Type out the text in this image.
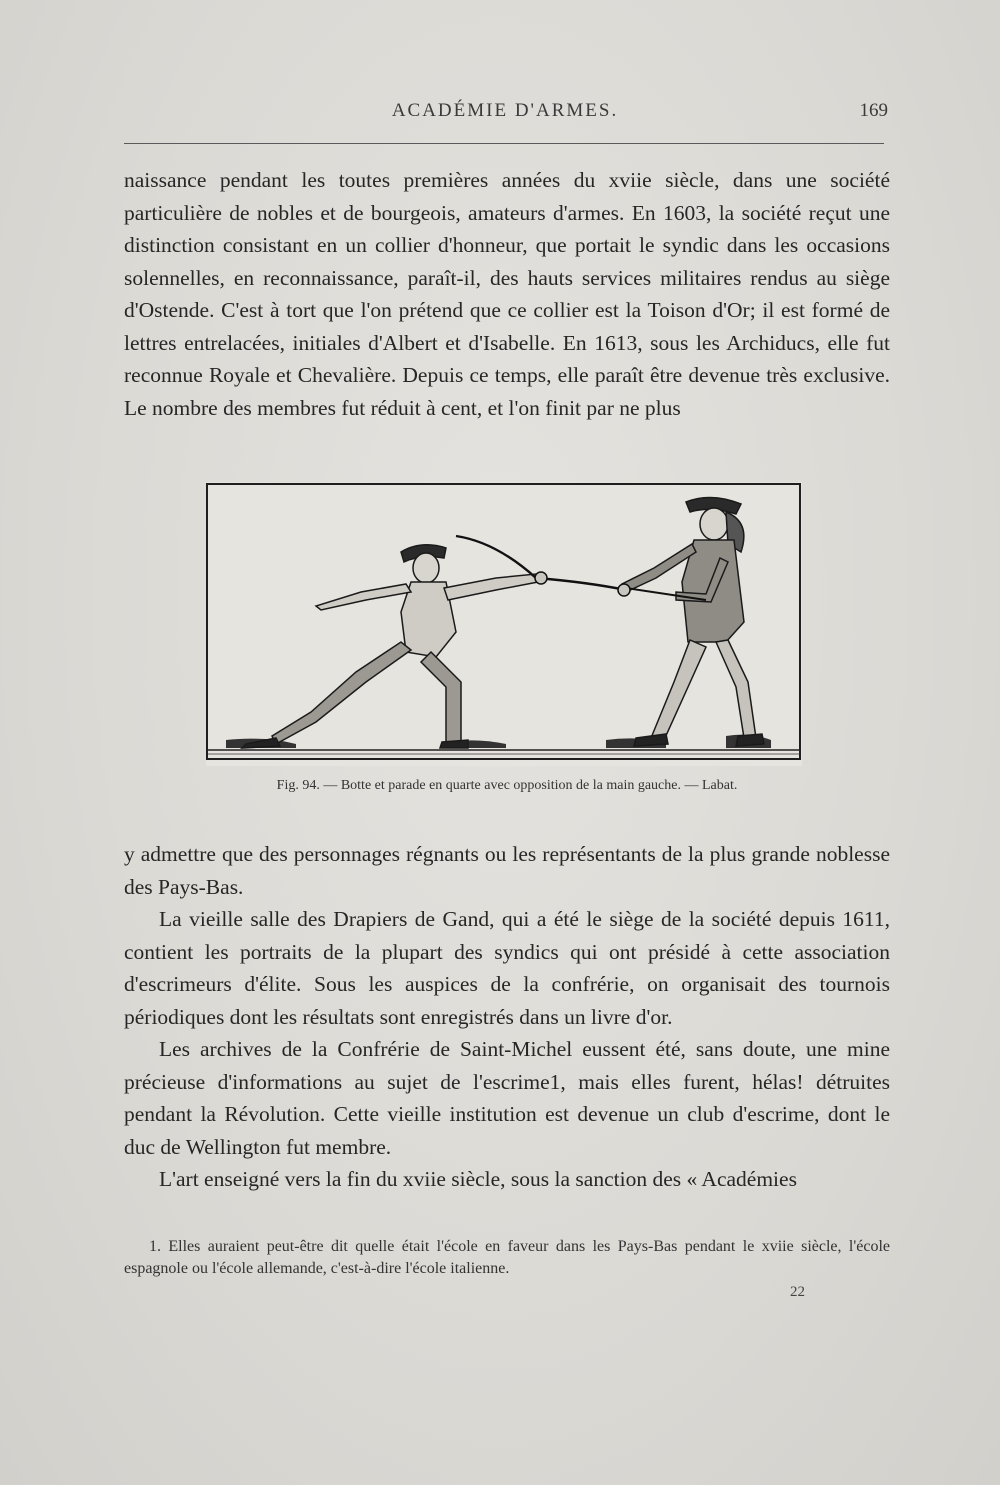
ACADÉMIE D'ARMES.	169

naissance pendant les toutes premières années du xviie siècle, dans une société particulière de nobles et de bourgeois, amateurs d'armes. En 1603, la société reçut une distinction consistant en un collier d'honneur, que portait le syndic dans les occasions solennelles, en reconnaissance, paraît-il, des hauts services militaires rendus au siège d'Ostende. C'est à tort que l'on prétend que ce collier est la Toison d'Or; il est formé de lettres entrelacées, initiales d'Albert et d'Isabelle. En 1613, sous les Archiducs, elle fut reconnue Royale et Chevalière. Depuis ce temps, elle paraît être devenue très exclusive. Le nombre des membres fut réduit à cent, et l'on finit par ne plus

Fig. 94. — Botte et parade en quarte avec opposition de la main gauche. — Labat.

y admettre que des personnages régnants ou les représentants de la plus grande noblesse des Pays-Bas.

La vieille salle des Drapiers de Gand, qui a été le siège de la société depuis 1611, contient les portraits de la plupart des syndics qui ont présidé à cette association d'escrimeurs d'élite. Sous les auspices de la confrérie, on organisait des tournois périodiques dont les résultats sont enregistrés dans un livre d'or.

Les archives de la Confrérie de Saint-Michel eussent été, sans doute, une mine précieuse d'informations au sujet de l'escrime1, mais elles furent, hélas! détruites pendant la Révolution. Cette vieille institution est devenue un club d'escrime, dont le duc de Wellington fut membre.

L'art enseigné vers la fin du xviie siècle, sous la sanction des « Académies

1. Elles auraient peut-être dit quelle était l'école en faveur dans les Pays-Bas pendant le xviie siècle, l'école espagnole ou l'école allemande, c'est-à-dire l'école italienne.

22
